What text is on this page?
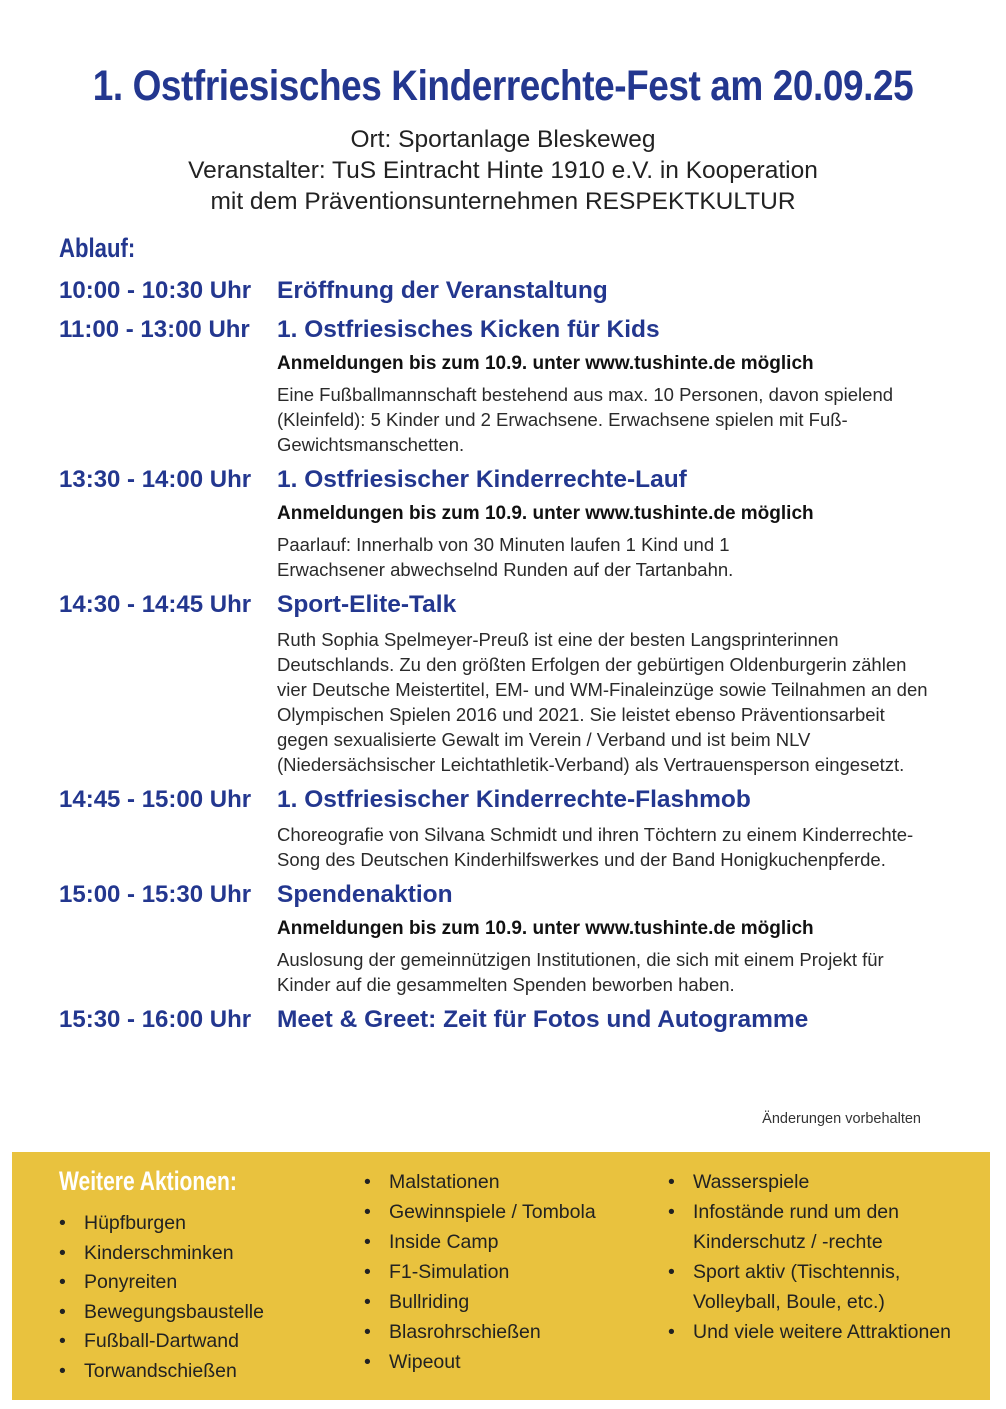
1. Ostfriesisches Kinderrechte-Fest am 20.09.25
Ort: Sportanlage Bleskeweg
Veranstalter: TuS Eintracht Hinte 1910 e.V. in Kooperation
mit dem Präventionsunternehmen RESPEKTKULTUR
Ablauf:
10:00 - 10:30 Uhr	Eröffnung der Veranstaltung
11:00 - 13:00 Uhr	1. Ostfriesisches Kicken für Kids
Anmeldungen bis zum 10.9. unter www.tushinte.de möglich
Eine Fußballmannschaft bestehend aus max. 10 Personen, davon spielend (Kleinfeld): 5 Kinder und 2 Erwachsene. Erwachsene spielen mit Fuß-Gewichtsmanschetten.
13:30 - 14:00 Uhr	1. Ostfriesischer Kinderrechte-Lauf
Anmeldungen bis zum 10.9. unter www.tushinte.de möglich
Paarlauf: Innerhalb von 30 Minuten laufen 1 Kind und 1 Erwachsener abwechselnd Runden auf der Tartanbahn.
14:30 - 14:45 Uhr	Sport-Elite-Talk
Ruth Sophia Spelmeyer-Preuß ist eine der besten Langsprinterinnen Deutschlands. Zu den größten Erfolgen der gebürtigen Oldenburgerin zählen vier Deutsche Meistertitel, EM- und WM-Finaleinzüge sowie Teilnahmen an den Olympischen Spielen 2016 und 2021. Sie leistet ebenso Präventionsarbeit gegen sexualisierte Gewalt im Verein / Verband und ist beim NLV (Niedersächsischer Leichtathletik-Verband) als Vertrauensperson eingesetzt.
14:45 - 15:00 Uhr	1. Ostfriesischer Kinderrechte-Flashmob
Choreografie von Silvana Schmidt und ihren Töchtern zu einem Kinderrechte-Song des Deutschen Kinderhilfswerkes und der Band Honigkuchenpferde.
15:00 - 15:30 Uhr	Spendenaktion
Anmeldungen bis zum 10.9. unter www.tushinte.de möglich
Auslosung der gemeinnützigen Institutionen, die sich mit einem Projekt für Kinder auf die gesammelten Spenden beworben haben.
15:30 - 16:00 Uhr	Meet & Greet: Zeit für Fotos und Autogramme
Änderungen vorbehalten
Weitere Aktionen:
• Hüpfburgen
• Kinderschminken
• Ponyreiten
• Bewegungsbaustelle
• Fußball-Dartwand
• Torwandschießen
• Malstationen
• Gewinnspiele / Tombola
• Inside Camp
• F1-Simulation
• Bullriding
• Blasrohrschießen
• Wipeout
• Wasserspiele
• Infostände rund um den Kinderschutz / -rechte
• Sport aktiv (Tischtennis, Volleyball, Boule, etc.)
• Und viele weitere Attraktionen
